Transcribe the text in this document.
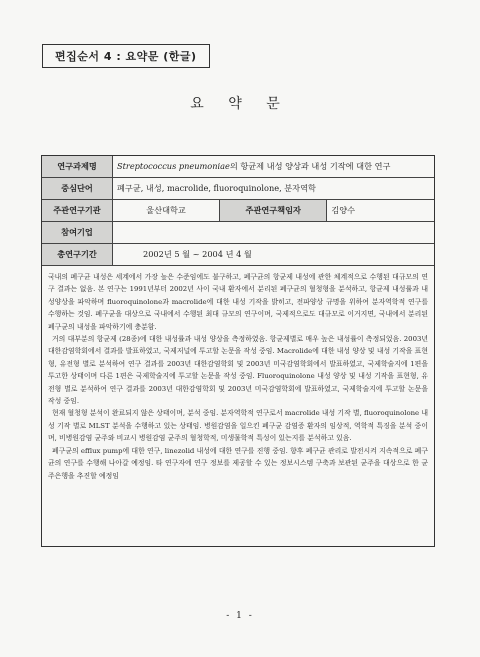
편집순서 4 : 요약문 (한글)
요 약 문
연구과제명	Streptococcus pneumoniae의 항균제 내성 양상과 내성 기작에 대한 연구		
중심단어	폐구균, 내성, macrolide, fluoroquinolone, 분자역학		
주관연구기관	울산대학교	주관연구책임자	김양수
참여기업			
총연구기간	2002년 5 월 ~ 2004 년 4 월		

국내의 폐구균 내성은 세계에서 가장 높은 수준임에도 불구하고, 폐구균의 항균제 내성에 관한 체계적으로 수행된 대규모의 연구 결과는 없음. 본 연구는 1991년부터 2002년 사이 국내 환자에서 분리된 폐구균의 혈청형을 분석하고, 항균제 내성률과 내성양상을 파악하며 fluoroquinolone과 macrolide에 대한 내성 기작을 밝히고, 전파양상 규명을 위하여 분자역학적 연구를 수행하는 것임. 폐구균을 대상으로 국내에서 수행된 최대 규모의 연구이며, 국제적으로도 대규모로 이거지면, 국내에서 분리된 폐구균의 내성을 파악하기에 충분함.

거의 대부분의 항균제 (28종)에 대한 내성률과 내성 양상을 측정하였음. 항균제별로 매우 높은 내성률이 측정되었음. 2003년 대한감염학회에서 결과를 발표하였고, 국제저널에 투고할 논문을 작성 중임. Macrolide에 대한 내성 양상 및 내성 기작을 표현형, 유전형 별로 분석하여 연구 결과를 2003년 대한감염학회 및 2003년 미국감염학회에서 발표하였고, 국제학술지에 1편을 투고한 상태이며 다른 1편은 국제학술지에 투고할 논문을 작성 중임. Fluoroquinolone 내성 양상 및 내성 기작을 표현형, 유전형 별로 분석하여 연구 결과를 2003년 대한감염학회 및 2003년 미국감염학회에 발표하였고, 국제학술지에 투고할 논문을 작성 중임.

현재 혈청형 분석이 완료되지 않은 상태이며, 분석 중임. 분자역학적 연구로서 macrolide 내성 기작 별, fluoroquinolone 내성 기작 별로 MLST 분석을 수행하고 있는 상태임. 병원감염을 일으킨 폐구균 감염증 환자의 임상적, 역학적 특징을 분석 중이며, 비병원감염 균주와 비교시 병원감염 균주의 혈청학적, 미생물학적 특성이 있는지를 분석하고 있음.

폐구균의 efflux pump에 대한 연구, linezolid 내성에 대한 연구를 진행 중임. 향후 폐구균 관리로 발전시켜 지속적으로 폐구균의 연구를 수행해 나아갈 예정임. 타 연구자에 연구 정보를 제공할 수 있는 정보시스템 구축과 보관된 균주을 대상으로 한 균주은행을 추진할 예정임

- 1 -
